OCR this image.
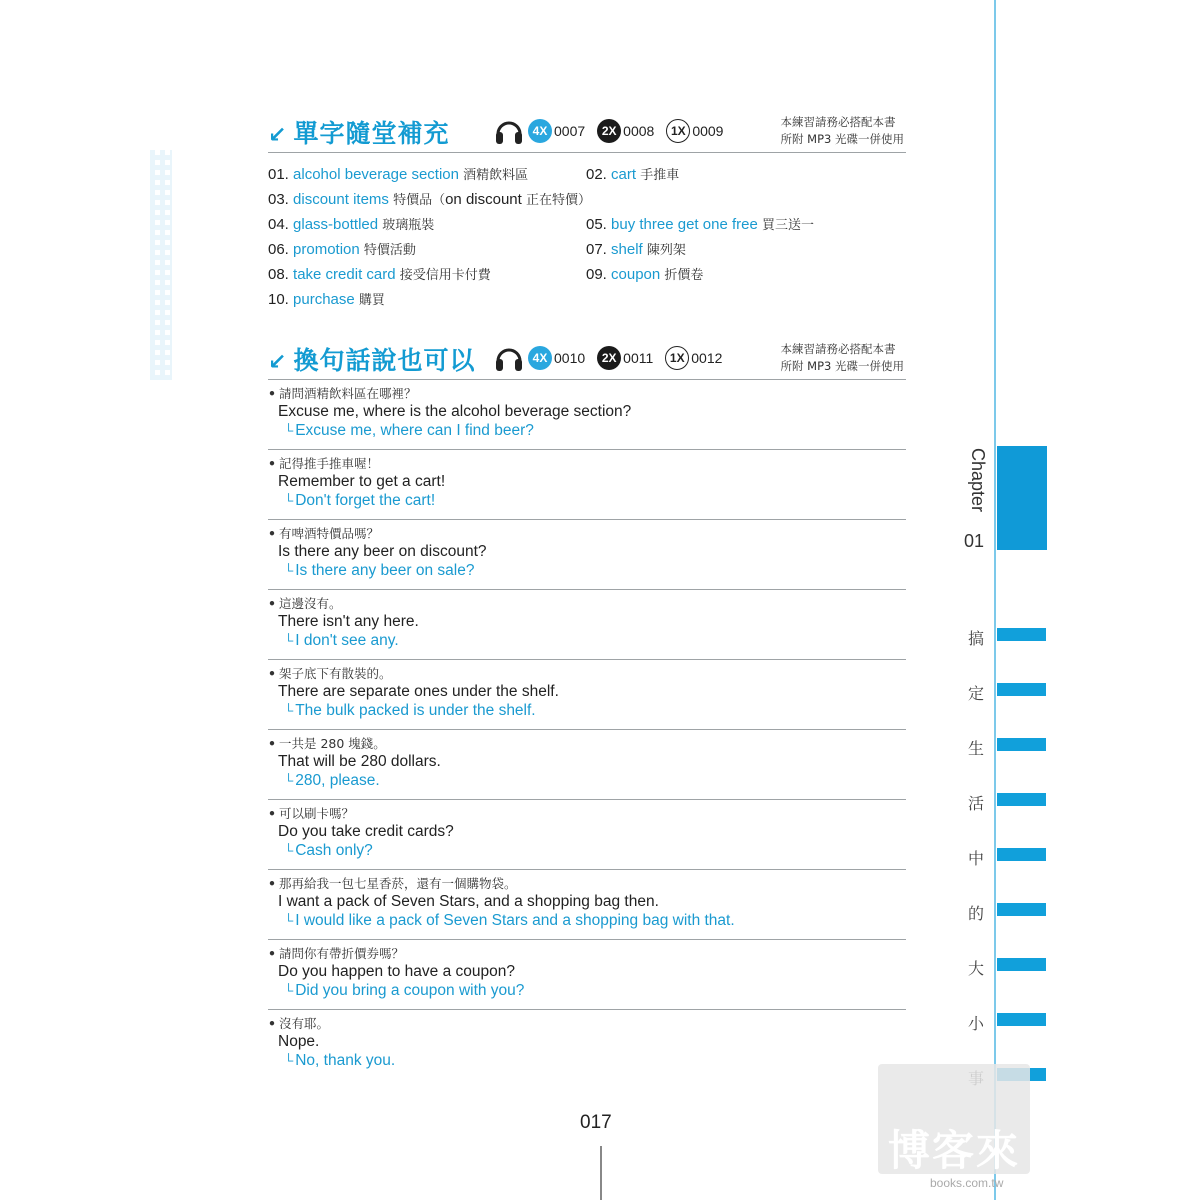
↙ 單字隨堂補充	4X 0007	2X 0008	1X 0009
本練習請務必搭配本書
所附 MP3 光碟一併使用
01. alcohol beverage section 酒精飲料區	02. cart 手推車
03. discount items 特價品（on discount 正在特價）
04. glass-bottled 玻璃瓶裝	05. buy three get one free 買三送一
06. promotion 特價活動	07. shelf 陳列架
08. take credit card 接受信用卡付費	09. coupon 折價卷
10. purchase 購買
↙ 換句話說也可以	4X 0010	2X 0011	1X 0012
本練習請務必搭配本書
所附 MP3 光碟一併使用
• 請問酒精飲料區在哪裡？
Excuse me, where is the alcohol beverage section?
└ Excuse me, where can I find beer?
• 記得推手推車喔！
Remember to get a cart!
└ Don't forget the cart!
• 有啤酒特價品嗎？
Is there any beer on discount?
└ Is there any beer on sale?
• 這邊沒有。
There isn't any here.
└ I don't see any.
• 架子底下有散裝的。
There are separate ones under the shelf.
└ The bulk packed is under the shelf.
• 一共是 280 塊錢。
That will be 280 dollars.
└ 280, please.
• 可以刷卡嗎？
Do you take credit cards?
└ Cash only?
• 那再給我一包七星香菸，還有一個購物袋。
I want a pack of Seven Stars, and a shopping bag then.
└ I would like a pack of Seven Stars and a shopping bag with that.
• 請問你有帶折價券嗎？
Do you happen to have a coupon?
└ Did you bring a coupon with you?
• 沒有耶。
Nope.
└ No, thank you.
017
Chapter
01
搞
定
生
活
中
的
大
小
博客來
books.com.tw
